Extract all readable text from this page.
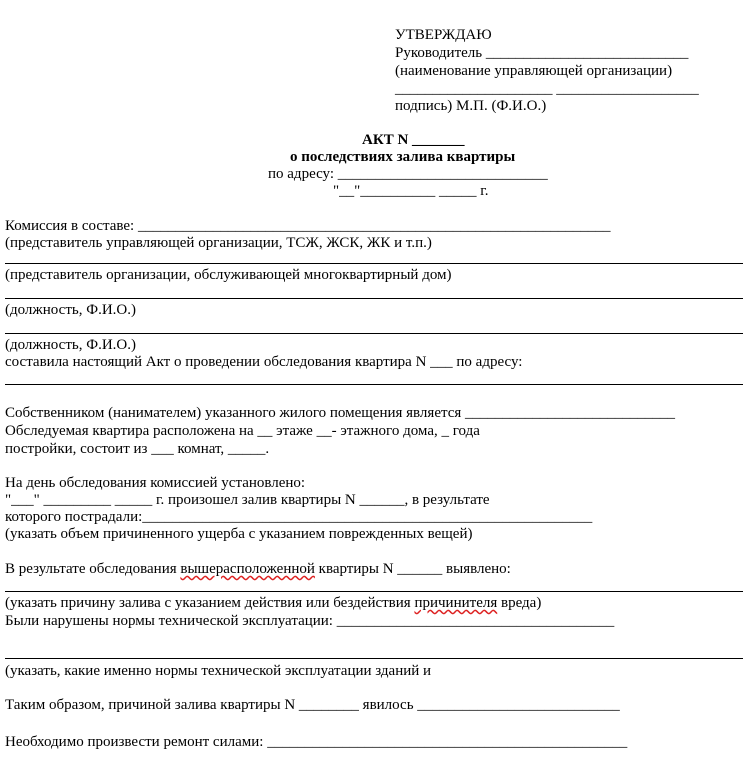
УТВЕРЖДАЮ
Руководитель ___________________________
(наименование управляющей организации)
_____________________ ___________________
подпись) М.П. (Ф.И.О.)
АКТ N _______
о последствиях залива квартиры
по адресу: ____________________________
"__"__________ _____ г.
Комиссия в составе: _______________________________________________________________
(представитель управляющей организации, ТСЖ, ЖСК, ЖК и т.п.)
(представитель организации, обслуживающей многоквартирный дом)
(должность, Ф.И.О.)
(должность, Ф.И.О.)
составила настоящий Акт о проведении обследования квартира N ___ по адресу:
Собственником (нанимателем) указанного жилого помещения является ____________________________
Обследуемая квартира расположена на __ этаже __- этажного дома, _ года
постройки, состоит из ___ комнат, _____.
На день обследования комиссией установлено:
"___" _________ _____ г. произошел залив квартиры N ______, в результате
которого пострадали:____________________________________________________________
(указать объем причиненного ущерба с указанием поврежденных вещей)
В результате обследования вышерасположенной квартиры N ______ выявлено:
(указать причину залива с указанием действия или бездействия причинителя вреда)
Были нарушены нормы технической эксплуатации: _____________________________________
(указать, какие именно нормы технической эксплуатации зданий и
Таким образом, причиной залива квартиры N ________ явилось ___________________________
Необходимо произвести ремонт силами: ________________________________________________
